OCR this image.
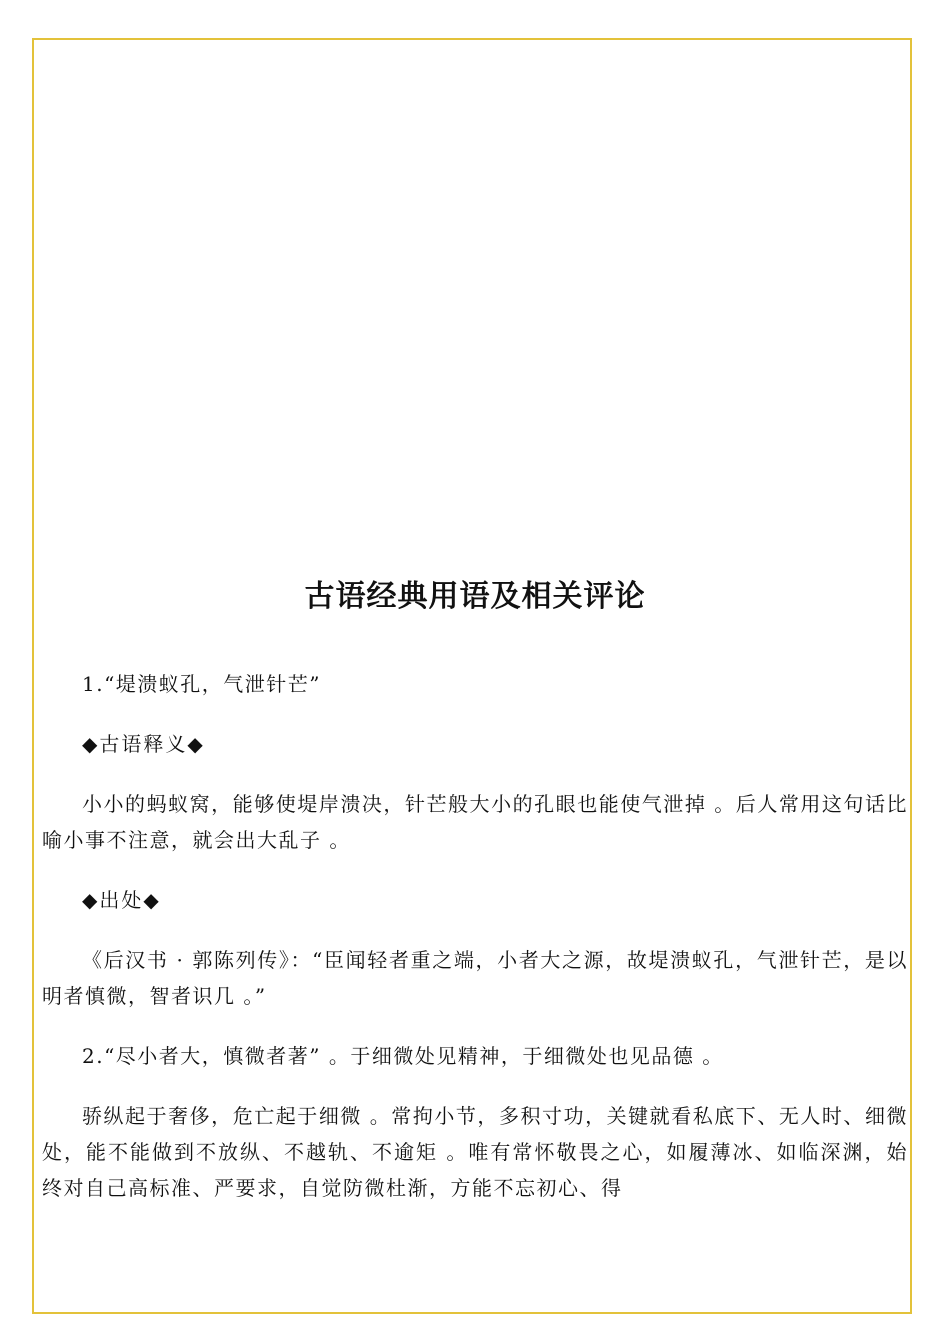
古语经典用语及相关评论

1.“堤溃蚁孔，气泄针芒”

◆古语释义◆

小小的蚂蚁窝，能够使堤岸溃决，针芒般大小的孔眼也能使气泄掉 。后人常用这句话比喻小事不注意，就会出大乱子 。

◆出处◆

《后汉书 · 郭陈列传》：“臣闻轻者重之端，小者大之源，故堤溃蚁孔，气泄针芒，是以明者慎微，智者识几 。”

2.“尽小者大，慎微者著” 。于细微处见精神，于细微处也见品德 。

骄纵起于奢侈，危亡起于细微 。常拘小节，多积寸功，关键就看私底下、无人时、细微处，能不能做到不放纵、不越轨、不逾矩 。唯有常怀敬畏之心，如履薄冰、如临深渊，始终对自己高标准、严要求，自觉防微杜渐，方能不忘初心、得
